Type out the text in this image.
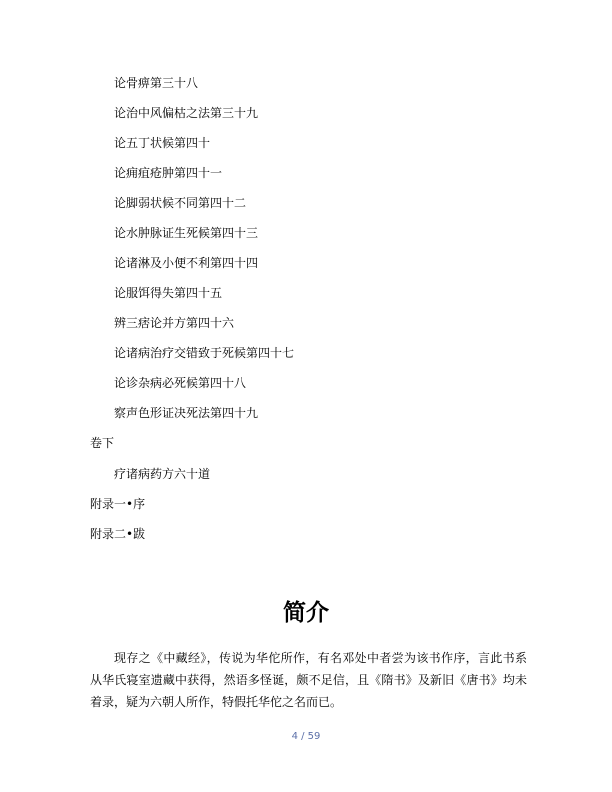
论骨痹第三十八
论治中风偏枯之法第三十九
论五丁状候第四十
论痈疽疮肿第四十一
论脚弱状候不同第四十二
论水肿脉证生死候第四十三
论诸淋及小便不利第四十四
论服饵得失第四十五
辨三痞论并方第四十六
论诸病治疗交错致于死候第四十七
论诊杂病必死候第四十八
察声色形证决死法第四十九
卷下
疗诸病药方六十道
附录一•序
附录二•跋
简介

现存之《中藏经》，传说为华佗所作，有名邓处中者尝为该书作序，言此书系从华氏寝室遗藏中获得，然语多怪诞，颇不足信，且《隋书》及新旧《唐书》均未着录，疑为六朝人所作，特假托华佗之名而已。

4 / 59
